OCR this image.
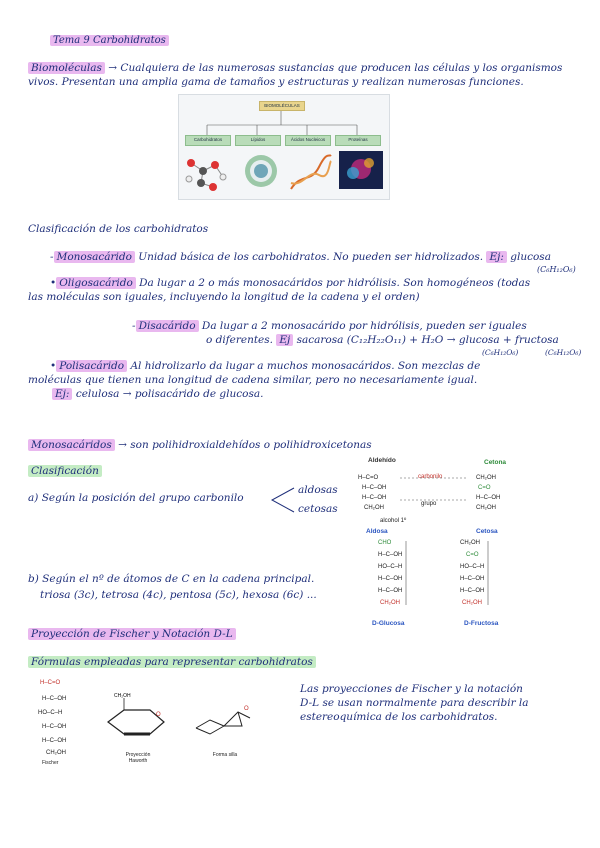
Tema 9 Carbohidratos
Biomoléculas → Cualquiera de las numerosas sustancias que producen las células y los organismos
vivos. Presentan una amplia gama de tamaños y estructuras y realizan numerosas funciones.
BIOMOLÉCULAS
Carbohidratos	Lípidos	Ácidos Nucleicos	Proteínas
Clasificación de los carbohidratos
- Monosacárido Unidad básica de los carbohidratos. No pueden ser hidrolizados. Ej: glucosa
(C₆H₁₂O₆)
• Oligosacárido Da lugar a 2 o más monosacáridos por hidrólisis. Son homogéneos (todas
las moléculas son iguales, incluyendo la longitud de la cadena y el orden)
- Disacárido Da lugar a 2 monosacárido por hidrólisis, pueden ser iguales
o diferentes. Ej sacarosa (C₁₂H₂₂O₁₁) + H₂O → glucosa + fructosa
(C₆H₁₂O₆)	(C₆H₁₂O₆)
• Polisacárido Al hidrolizarlo da lugar a muchos monosacáridos. Son mezclas de
moléculas que tienen una longitud de cadena similar, pero no necesariamente igual.
Ej: celulosa → polisacárido de glucosa.
Monosacáridos → son polihidroxialdehídos o polihidroxicetonas
Clasificación
a) Según la posición del grupo carbonilo
aldosas
cetosas
b) Según el nº de átomos de C en la cadena principal.
triosa (3c), tetrosa (4c), pentosa (5c), hexosa (6c) ...
Aldehído	Cetona
carbonilo
grupo
alcohol 1º
H‒C=O
H‒C‒OH
H‒C‒OH
CH₂OH
CH₂OH
C=O
H‒C‒OH
CH₂OH
Aldosa	Cetosa
CHO
H‒C‒OH
HO‒C‒H
H‒C‒OH
H‒C‒OH
CH₂OH
CH₂OH
C=O
HO‒C‒H
H‒C‒OH
H‒C‒OH
CH₂OH
D-Glucosa	D-Fructosa
Proyección de Fischer y Notación D-L
Fórmulas empleadas para representar carbohidratos
H‒C=O
H‒C‒OH
HO‒C‒H
H‒C‒OH
H‒C‒OH
CH₂OH
Fischer
O
CH₂OH
Proyección Haworth
O
Forma silla
Las proyecciones de Fischer y la notación
D-L se usan normalmente para describir la
estereoquímica de los carbohidratos.
